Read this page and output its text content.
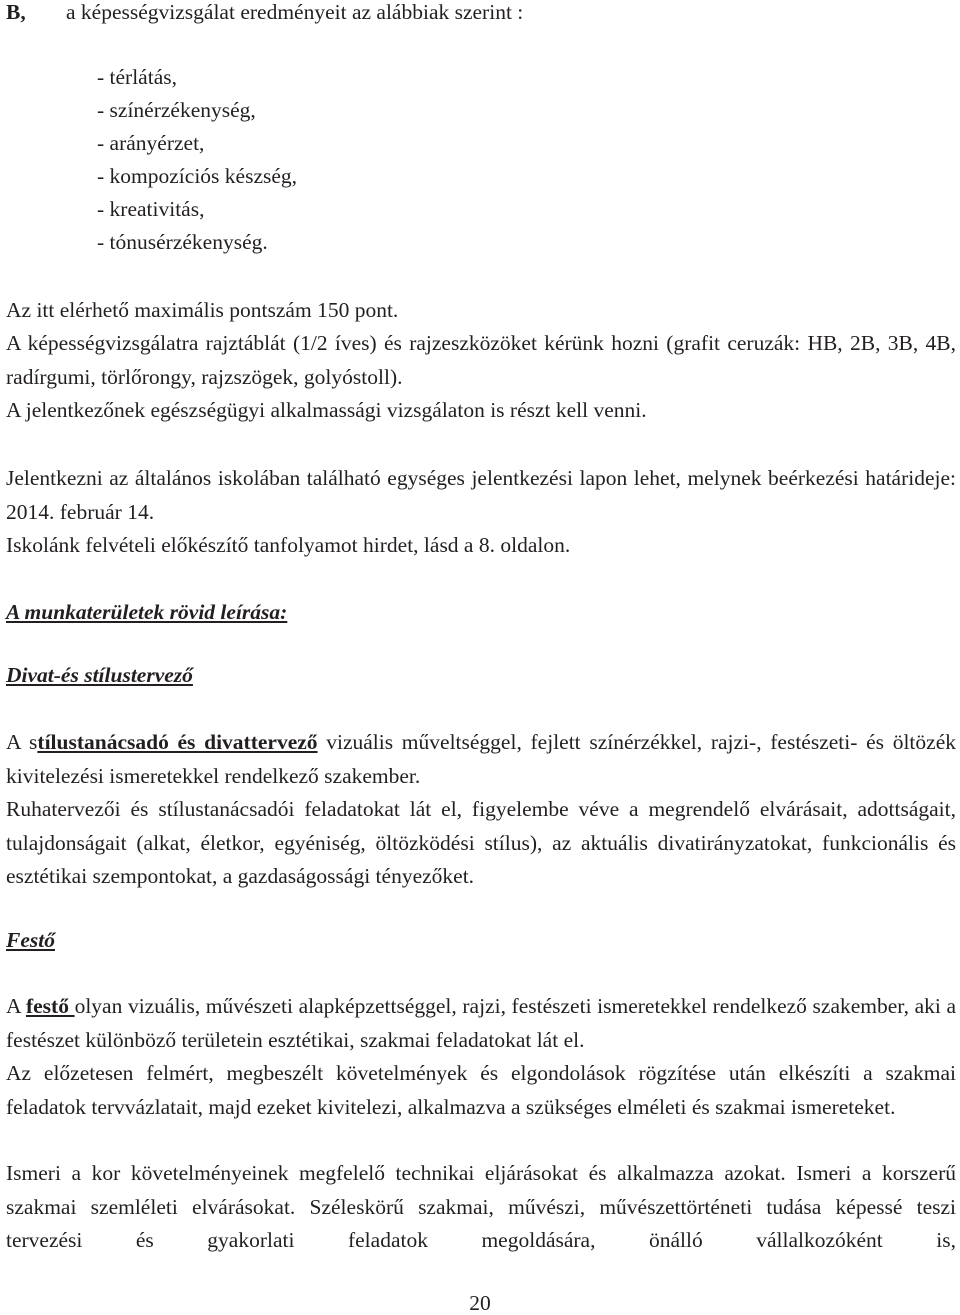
B, a képességvizsgálat eredményeit az alábbiak szerint :
- térlátás,
- színérzékenység,
- arányérzet,
- kompozíciós készség,
- kreativitás,
- tónusérzékenység.

Az itt elérhető maximális pontszám 150 pont.

A képességvizsgálatra rajztáblát (1/2 íves) és rajzeszközöket kérünk hozni (grafit ceruzák: HB, 2B, 3B, 4B, radírgumi, törlőrongy, rajzszögek, golyóstoll).

A jelentkezőnek egészségügyi alkalmassági vizsgálaton is részt kell venni.

Jelentkezni az általános iskolában található egységes jelentkezési lapon lehet, melynek beérkezési határideje: 2014. február 14.

Iskolánk felvételi előkészítő tanfolyamot hirdet, lásd a 8. oldalon.

A munkaterületek rövid leírása:

Divat-és stílustervező

A stílustanácsadó és divattervező vizuális műveltséggel, fejlett színérzékkel, rajzi-, festészeti- és öltözék kivitelezési ismeretekkel rendelkező szakember.

Ruhatervezői és stílustanácsadói feladatokat lát el, figyelembe véve a megrendelő elvárásait, adottságait, tulajdonságait (alkat, életkor, egyéniség, öltözködési stílus), az aktuális divatirányzatokat, funkcionális és esztétikai szempontokat, a gazdaságossági tényezőket.

Festő

A festő olyan vizuális, művészeti alapképzettséggel, rajzi, festészeti ismeretekkel rendelkező szakember, aki a festészet különböző területein esztétikai, szakmai feladatokat lát el.

Az előzetesen felmért, megbeszélt követelmények és elgondolások rögzítése után elkészíti a szakmai feladatok tervvázlatait, majd ezeket kivitelezi, alkalmazva a szükséges elméleti és szakmai ismereteket.

Ismeri a kor követelményeinek megfelelő technikai eljárásokat és alkalmazza azokat. Ismeri a korszerű szakmai szemléleti elvárásokat. Széleskörű szakmai, művészi, művészettörténeti tudása képessé teszi tervezési és gyakorlati feladatok megoldására, önálló vállalkozóként is,

20
